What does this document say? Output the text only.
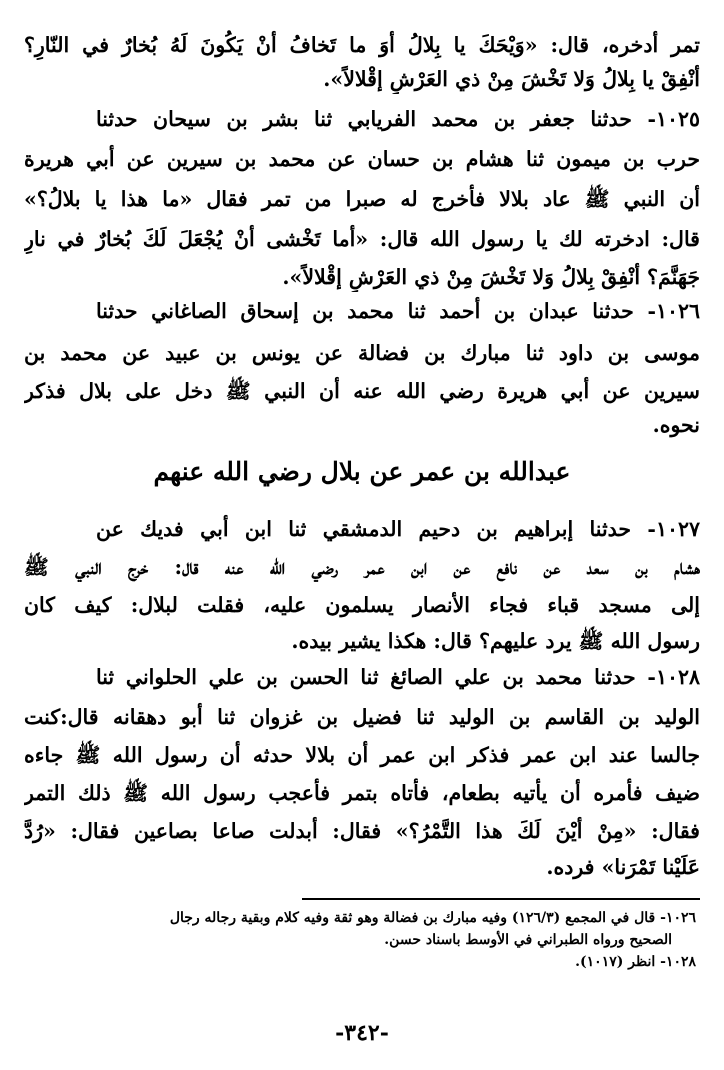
تمر أدخره، قال: «وَيْحَكَ يا بِلالُ أوَ ما تَخافُ أنْ يَكُونَ لَهُ بُخارٌ في النّارِ؟
أنْفِقْ يا بِلالُ وَلا تَخْشَ مِنْ ذي العَرْشِ إقْلالاً».
١٠٢٥- حدثنا جعفر بن محمد الفريابي ثنا بشر بن سيحان حدثنا
حرب بن ميمون ثنا هشام بن حسان عن محمد بن سيرين عن أبي هريرة
أن النبي ﷺ عاد بلالا فأخرج له صبرا من تمر فقال «ما هذا يا بلالُ؟»
قال: ادخرته لك يا رسول الله قال: «أما تَخْشى أنْ يُجْعَلَ لَكَ بُخارٌ في نارِ
جَهَنَّمَ؟ أنْفِقْ بِلالُ وَلا تَخْشَ مِنْ ذي العَرْشِ إقْلالاً».
١٠٢٦- حدثنا عبدان بن أحمد ثنا محمد بن إسحاق الصاغاني حدثنا
موسى بن داود ثنا مبارك بن فضالة عن يونس بن عبيد عن محمد بن
سيرين عن أبي هريرة رضي الله عنه أن النبي ﷺ دخل على بلال فذكر
نحوه.
عبدالله بن عمر عن بلال رضي الله عنهم
١٠٢٧- حدثنا إبراهيم بن دحيم الدمشقي ثنا ابن أبي فديك عن
هشام بن سعد عن نافع عن ابن عمر رضي الله عنه قال: خرج النبي ﷺ
إلى مسجد قباء فجاء الأنصار يسلمون عليه، فقلت لبلال: كيف كان
رسول الله ﷺ يرد عليهم؟ قال: هكذا يشير بيده.
١٠٢٨- حدثنا محمد بن علي الصائغ ثنا الحسن بن علي الحلواني ثنا
الوليد بن القاسم بن الوليد ثنا فضيل بن غزوان ثنا أبو دهقانه قال:كنت
جالسا عند ابن عمر فذكر ابن عمر أن بلالا حدثه أن رسول الله ﷺ جاءه
ضيف فأمره أن يأتيه بطعام، فأتاه بتمر فأعجب رسول الله ﷺ ذلك التمر
فقال: «مِنْ أيْنَ لَكَ هذا التَّمْرُ؟» فقال: أبدلت صاعا بصاعين فقال: «رُدَّ
عَلَيْنا تَمْرَنا» فرده.
١٠٢٦- قال في المجمع (١٢٦/٣) وفيه مبارك بن فضالة وهو ثقة وفيه كلام وبقية رجاله رجال
الصحيح ورواه الطبراني في الأوسط باسناد حسن.
١٠٢٨- انظر (١٠١٧).
-٣٤٢-
